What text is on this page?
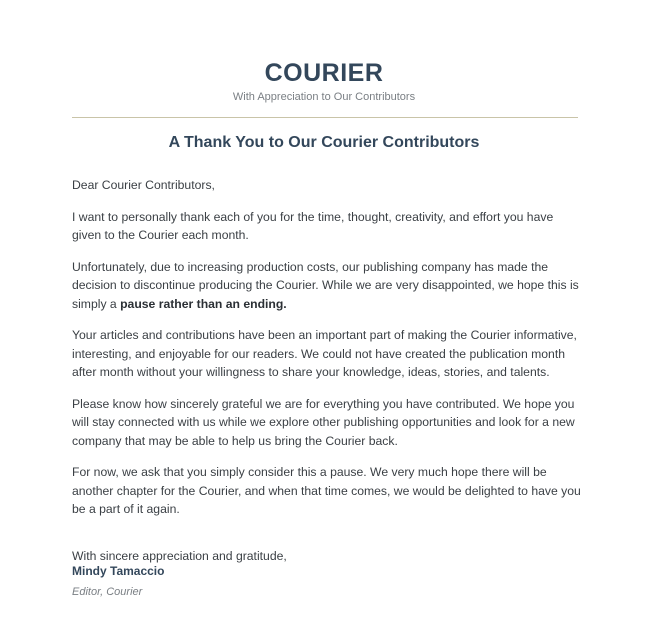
COURIER
With Appreciation to Our Contributors
A Thank You to Our Courier Contributors

Dear Courier Contributors,

I want to personally thank each of you for the time, thought, creativity, and effort you have given to the Courier each month.

Unfortunately, due to increasing production costs, our publishing company has made the decision to discontinue producing the Courier. While we are very disappointed, we hope this is simply a pause rather than an ending.

Your articles and contributions have been an important part of making the Courier informative, interesting, and enjoyable for our readers. We could not have created the publication month after month without your willingness to share your knowledge, ideas, stories, and talents.

Please know how sincerely grateful we are for everything you have contributed. We hope you will stay connected with us while we explore other publishing opportunities and look for a new company that may be able to help us bring the Courier back.

For now, we ask that you simply consider this a pause. We very much hope there will be another chapter for the Courier, and when that time comes, we would be delighted to have you be a part of it again.

With sincere appreciation and gratitude,

Mindy Tamaccio
Editor, Courier
